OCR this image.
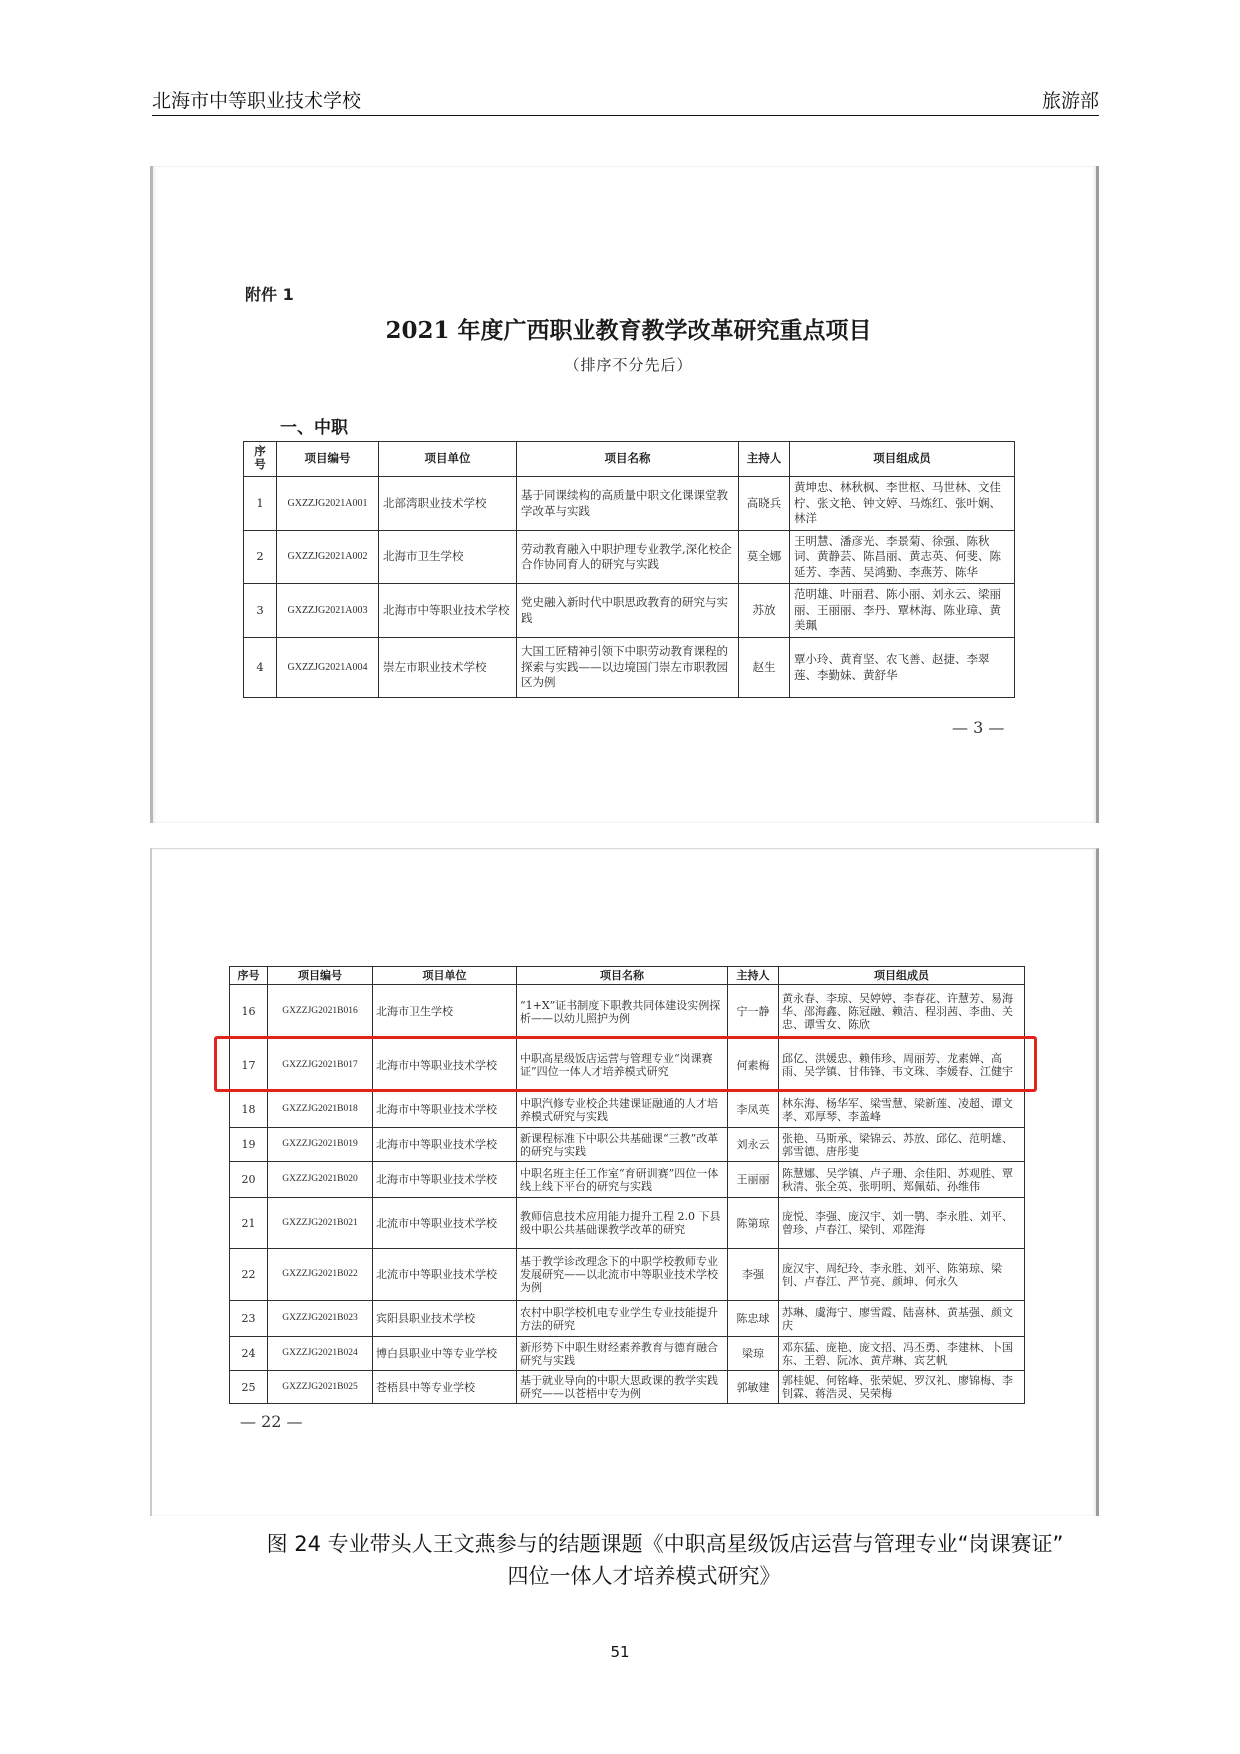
北海市中等职业技术学校	旅游部
附件 1
2021 年度广西职业教育教学改革研究重点项目
（排序不分先后）
一、中职
序号	项目编号	项目单位	项目名称	主持人	项目组成员
1	GXZZJG2021A001	北部湾职业技术学校	基于同课续构的高质量中职文化课课堂教学改革与实践	高晓兵	黄坤忠、林秋枫、李世枢、马世林、文佳柠、张文艳、钟文婷、马炼红、张叶娴、林洋
2	GXZZJG2021A002	北海市卫生学校	劳动教育融入中职护理专业教学,深化校企合作协同育人的研究与实践	莫全娜	王明慧、潘彦光、李景菊、徐强、陈秋词、黄静芸、陈昌丽、黄志英、何斐、陈延芳、李茜、吴鸿勤、李燕芳、陈华
3	GXZZJG2021A003	北海市中等职业技术学校	党史融入新时代中职思政教育的研究与实践	苏放	范明雄、叶丽君、陈小丽、刘永云、梁丽丽、王丽丽、李丹、覃林海、陈业璋、黄美珮
4	GXZZJG2021A004	崇左市职业技术学校	大国工匠精神引领下中职劳动教育课程的探索与实践——以边境国门崇左市职教园区为例	赵生	覃小玲、黄育坚、农飞善、赵捷、李翠莲、李勤妹、黄舒华
— 3 —
序号	项目编号	项目单位	项目名称	主持人	项目组成员
16	GXZZJG2021B016	北海市卫生学校	“1+X”证书制度下职教共同体建设实例探析——以幼儿照护为例	宁一静	黄永春、李琼、吴婷婷、李春花、许慧芳、易海华、邵海鑫、陈冠融、赖洁、程羽茜、李曲、关忠、谭雪女、陈欣
17	GXZZJG2021B017	北海市中等职业技术学校	中职高星级饭店运营与管理专业“岗课赛证”四位一体人才培养模式研究	何素梅	邱亿、洪媛忠、赖伟珍、周丽芳、龙素婵、高雨、吴学镇、甘伟锋、韦文珠、李媛春、江健宇
18	GXZZJG2021B018	北海市中等职业技术学校	中职汽修专业校企共建课证融通的人才培养模式研究与实践	李凤英	林东海、杨华军、梁雪慧、梁新莲、凌超、谭文孝、邓厚琴、李盖峰
19	GXZZJG2021B019	北海市中等职业技术学校	新课程标准下中职公共基础课“三教”改革的研究与实践	刘永云	张艳、马斯承、梁锦云、苏放、邱亿、范明雄、郭雪德、唐彤斐
20	GXZZJG2021B020	北海市中等职业技术学校	中职名班主任工作室“育研训赛”四位一体线上线下平台的研究与实践	王丽丽	陈慧娜、吴学镇、卢子珊、余佳阳、苏观胜、覃秋清、张全英、张明明、郑佩茹、孙维伟
21	GXZZJG2021B021	北流市中等职业技术学校	教师信息技术应用能力提升工程 2.0 下县级中职公共基础课教学改革的研究	陈第琼	庞悦、李强、庞汉宇、刘一鹗、李永胜、刘平、曾珍、卢春江、梁钊、邓陛海
22	GXZZJG2021B022	北流市中等职业技术学校	基于教学诊改理念下的中职学校教师专业发展研究——以北流市中等职业技术学校为例	李强	庞汉宇、周纪玲、李永胜、刘平、陈第琼、梁钊、卢春江、严节亮、颜坤、何永久
23	GXZZJG2021B023	宾阳县职业技术学校	农村中职学校机电专业学生专业技能提升方法的研究	陈忠球	苏琳、虞海宁、廖雪霞、陆喜林、黄基强、颜文庆
24	GXZZJG2021B024	博白县职业中等专业学校	新形势下中职生财经素养教育与德育融合研究与实践	梁琼	邓东猛、庞艳、庞文招、冯丕勇、李建林、卜国东、王碧、阮冰、黄芹琳、宾艺帆
25	GXZZJG2021B025	苍梧县中等专业学校	基于就业导向的中职大思政课的教学实践研究——以苍梧中专为例	郭敏建	郭桂妮、何铭峰、张荣妮、罗汉礼、廖锦梅、李钊霖、蒋浩灵、吴荣梅
— 22 —
图 24 专业带头人王文燕参与的结题课题《中职高星级饭店运营与管理专业“岗课赛证”
四位一体人才培养模式研究》
51
